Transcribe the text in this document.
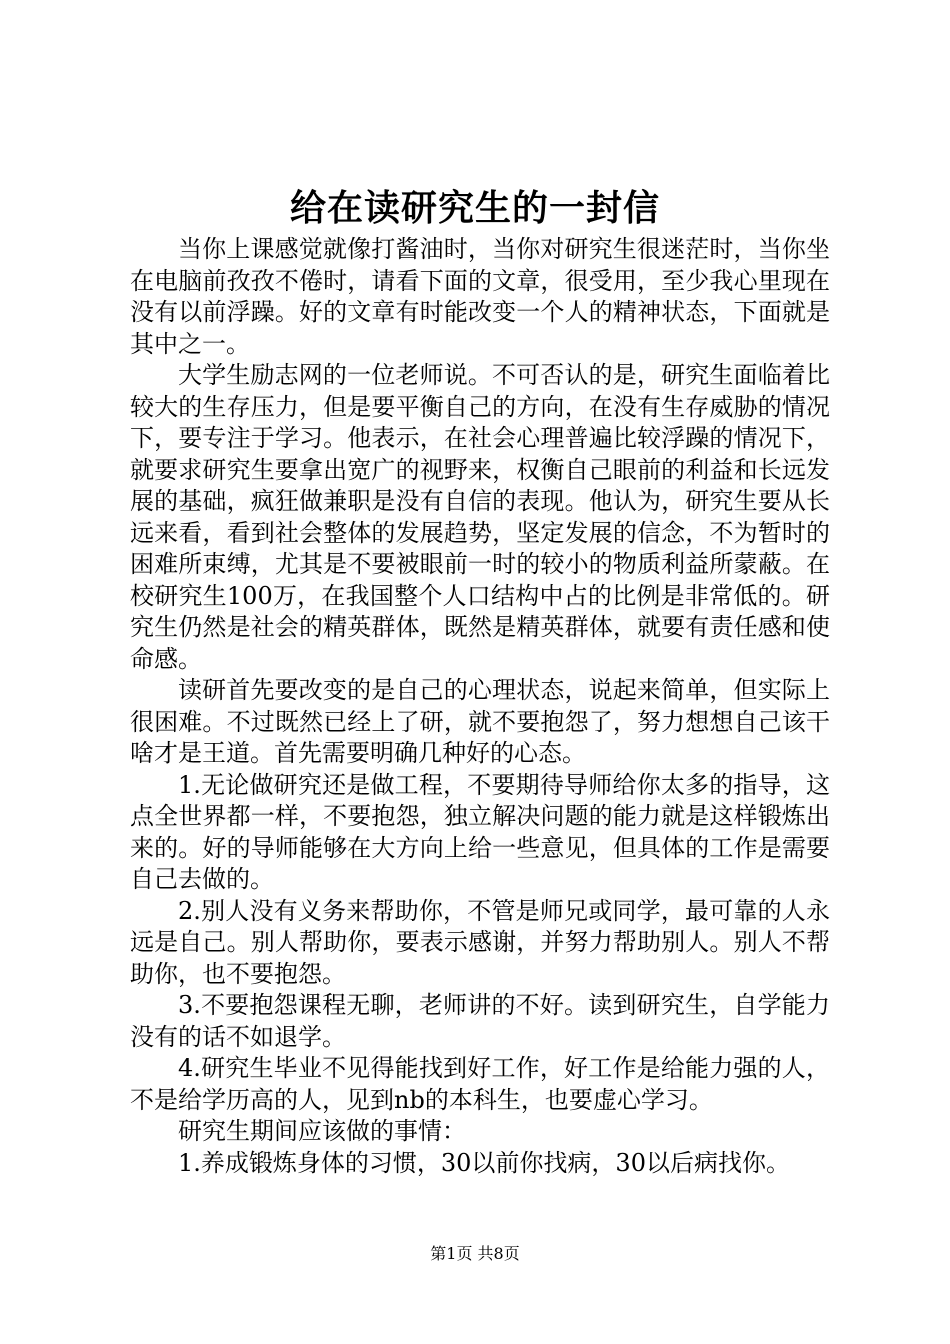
给在读研究生的一封信

当你上课感觉就像打酱油时，当你对研究生很迷茫时，当你坐在电脑前孜孜不倦时，请看下面的文章，很受用，至少我心里现在没有以前浮躁。好的文章有时能改变一个人的精神状态，下面就是其中之一。

大学生励志网的一位老师说。不可否认的是，研究生面临着比较大的生存压力，但是要平衡自己的方向，在没有生存威胁的情况下，要专注于学习。他表示，在社会心理普遍比较浮躁的情况下，就要求研究生要拿出宽广的视野来，权衡自己眼前的利益和长远发展的基础，疯狂做兼职是没有自信的表现。他认为，研究生要从长远来看，看到社会整体的发展趋势，坚定发展的信念，不为暂时的困难所束缚，尤其是不要被眼前一时的较小的物质利益所蒙蔽。在校研究生100万，在我国整个人口结构中占的比例是非常低的。研究生仍然是社会的精英群体，既然是精英群体，就要有责任感和使命感。

读研首先要改变的是自己的心理状态，说起来简单，但实际上很困难。不过既然已经上了研，就不要抱怨了，努力想想自己该干啥才是王道。首先需要明确几种好的心态。

1.无论做研究还是做工程，不要期待导师给你太多的指导，这点全世界都一样，不要抱怨，独立解决问题的能力就是这样锻炼出来的。好的导师能够在大方向上给一些意见，但具体的工作是需要自己去做的。

2.别人没有义务来帮助你，不管是师兄或同学，最可靠的人永远是自己。别人帮助你，要表示感谢，并努力帮助别人。别人不帮助你，也不要抱怨。

3.不要抱怨课程无聊，老师讲的不好。读到研究生，自学能力没有的话不如退学。

4.研究生毕业不见得能找到好工作，好工作是给能力强的人，不是给学历高的人，见到nb的本科生，也要虚心学习。

研究生期间应该做的事情：

1.养成锻炼身体的习惯，30以前你找病，30以后病找你。

第1页 共8页
